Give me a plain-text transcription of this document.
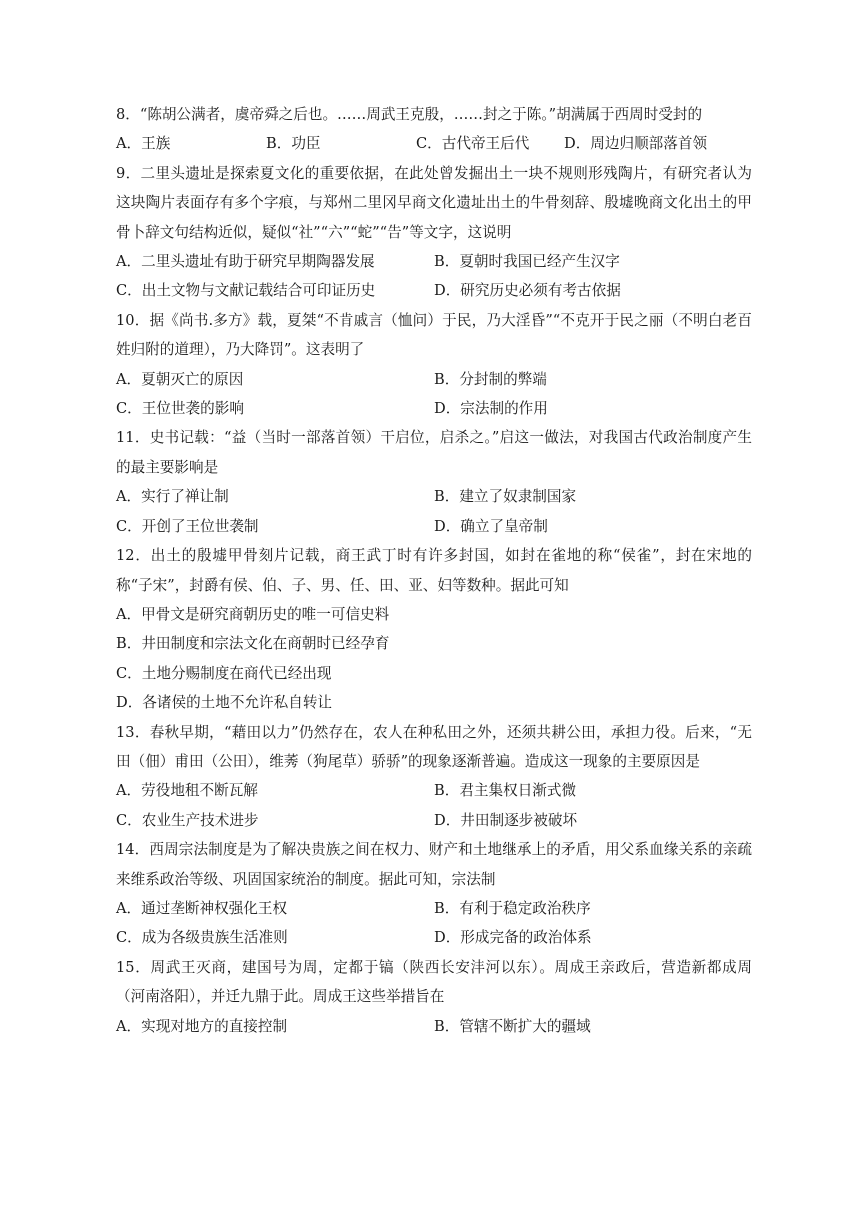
8．“陈胡公满者，虞帝舜之后也。……周武王克殷，……封之于陈。”胡满属于西周时受封的
A．王族	B．功臣	C．古代帝王后代	D．周边归顺部落首领
9．二里头遗址是探索夏文化的重要依据，在此处曾发掘出土一块不规则形残陶片，有研究者认为这块陶片表面存有多个字痕，与郑州二里冈早商文化遗址出土的牛骨刻辞、殷墟晚商文化出土的甲骨卜辞文句结构近似，疑似“社”“六”“蛇”“告”等文字，这说明
A．二里头遗址有助于研究早期陶器发展	B．夏朝时我国已经产生汉字
C．出土文物与文献记载结合可印证历史	D．研究历史必须有考古依据
10．据《尚书.多方》载，夏桀“不肯戚言（恤问）于民，乃大淫昏”“不克开于民之丽（不明白老百姓归附的道理），乃大降罚”。这表明了
A．夏朝灭亡的原因	B．分封制的弊端
C．王位世袭的影响	D．宗法制的作用
11．史书记载：“益（当时一部落首领）干启位，启杀之。”启这一做法，对我国古代政治制度产生的最主要影响是
A．实行了禅让制	B．建立了奴隶制国家
C．开创了王位世袭制	D．确立了皇帝制
12．出土的殷墟甲骨刻片记载，商王武丁时有许多封国，如封在雀地的称“侯雀”，封在宋地的称“子宋”，封爵有侯、伯、子、男、任、田、亚、妇等数种。据此可知
A．甲骨文是研究商朝历史的唯一可信史料
B．井田制度和宗法文化在商朝时已经孕育
C．土地分赐制度在商代已经出现
D．各诸侯的土地不允许私自转让
13．春秋早期，“藉田以力”仍然存在，农人在种私田之外，还须共耕公田，承担力役。后来，“无田（佃）甫田（公田），维莠（狗尾草）骄骄”的现象逐渐普遍。造成这一现象的主要原因是
A．劳役地租不断瓦解	B．君主集权日渐式微
C．农业生产技术进步	D．井田制逐步被破坏
14．西周宗法制度是为了解决贵族之间在权力、财产和土地继承上的矛盾，用父系血缘关系的亲疏来维系政治等级、巩固国家统治的制度。据此可知，宗法制
A．通过垄断神权强化王权	B．有利于稳定政治秩序
C．成为各级贵族生活准则	D．形成完备的政治体系
15．周武王灭商，建国号为周，定都于镐（陕西长安沣河以东）。周成王亲政后，营造新都成周（河南洛阳），并迁九鼎于此。周成王这些举措旨在
A．实现对地方的直接控制	B．管辖不断扩大的疆域
